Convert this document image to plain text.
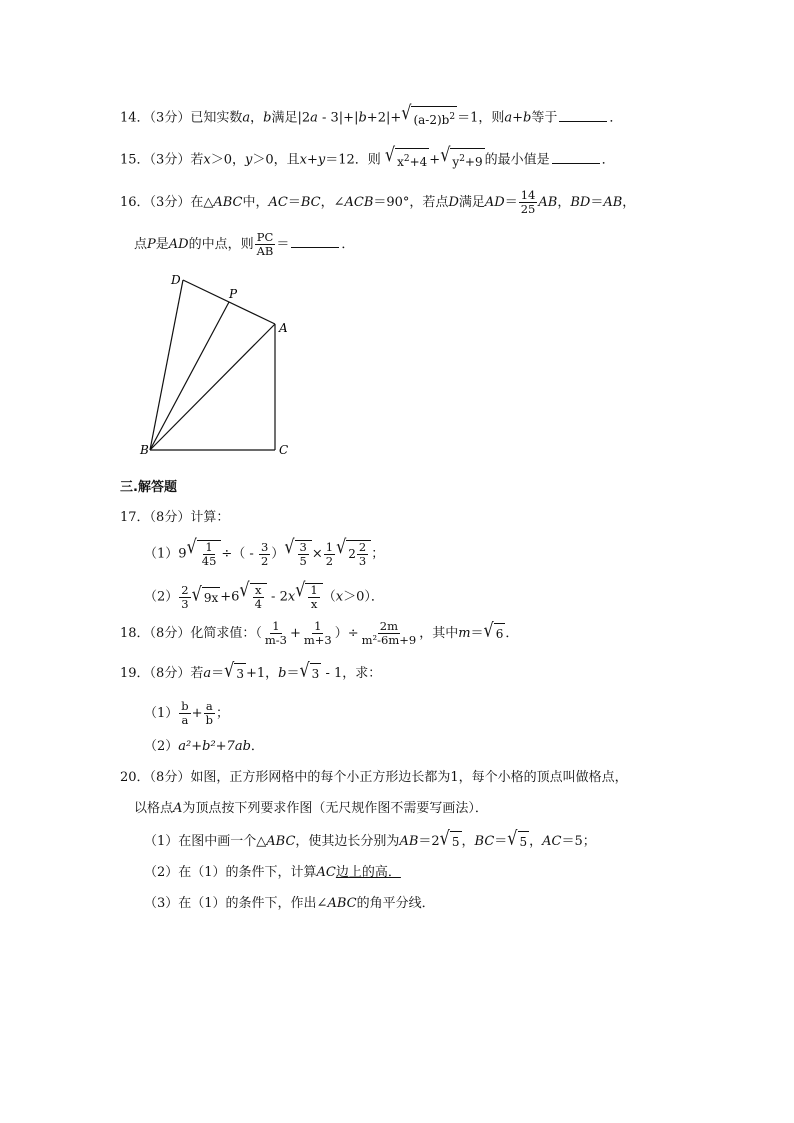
14．（3分）已知实数a，b满足|2a - 3|+|b+2|+ √ $(a-2)b^2 =1$，则a+b等于	．
15．（3分）若x＞0，y＞0，且x+y＝12．则 √ $x^2+4$ + √ $y^2+9$ 的最小值是	．
16．（3分）在△ABC中，AC＝BC，∠ACB＝90°，若点D满足$AD= \frac{14}{25}$ AB，BD＝AB，
点P是AD的中点，则 $\frac{PC}{AB}$ ＝	．
D
P
A
B	C
三.解答题
17．（8分）计算：
（1）9 √ $\frac{1}{45}$ ÷（ - $\frac{3}{2}$ ） √ $\frac{3}{5} \times \frac{1}{2}$ √ $2 \frac{2}{3}$ ；
$(2) \frac{2}{3}$ √ 9x +6 √ $\frac{x}{4} - 2x$ √ $\frac{1}{x} (x>0)$．
18．（8分）化简求值：（ $\frac{1}{m-3} + \frac{1}{m+3}$ ）÷ $\frac{2m}{\text{m²-6m+9}}$ ，其中m＝ √ 6 ．
19．（8分）若a＝ √ 3 +1，b＝ √ 3 - 1，求：
$(1) \frac{b}{a} + \frac{a}{b}$ ；
（2）a²+b²+7ab．
20．（8分）如图，正方形网格中的每个小正方形边长都为1，每个小格的顶点叫做格点，
以格点A为顶点按下列要求作图（无尺规作图不需要写画法）．
（1）在图中画一个△ABC，使其边长分别为AB＝2 √ 5 ，BC＝ √ 5 ，AC＝5；
（2）在（1）的条件下，计算AC边上的高．
（3）在（1）的条件下，作出∠ABC的角平分线．
